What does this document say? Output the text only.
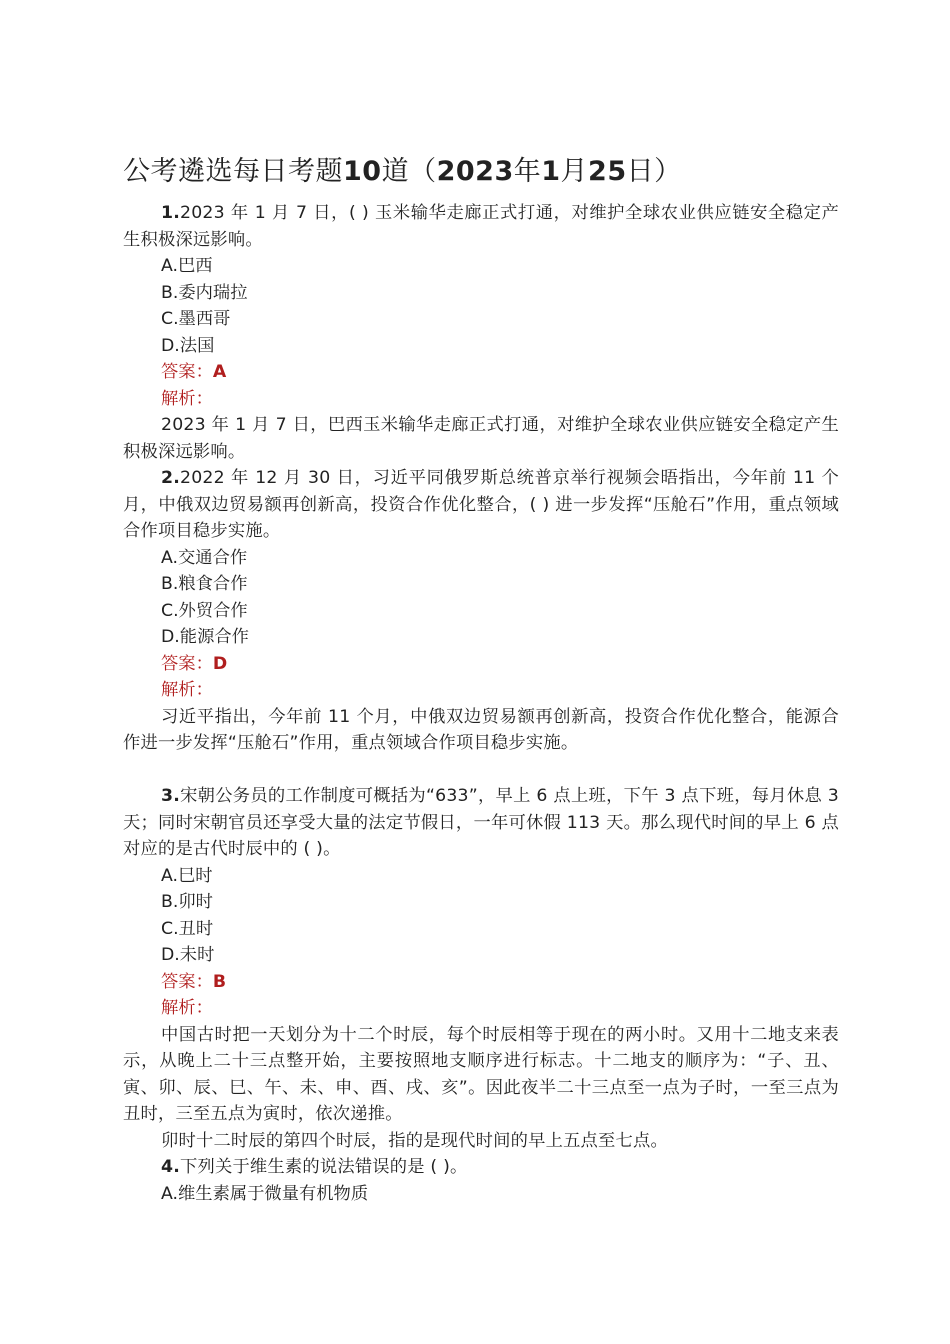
公考遴选每日考题10道（2023年1月25日）

1.2023 年 1 月 7 日，( ) 玉米输华走廊正式打通，对维护全球农业供应链安全稳定产生积极深远影响。

A.巴西

B.委内瑞拉

C.墨西哥

D.法国

答案：A

解析：

2023 年 1 月 7 日，巴西玉米输华走廊正式打通，对维护全球农业供应链安全稳定产生积极深远影响。

2.2022 年 12 月 30 日，习近平同俄罗斯总统普京举行视频会晤指出，今年前 11 个月，中俄双边贸易额再创新高，投资合作优化整合，( ) 进一步发挥“压舱石”作用，重点领域合作项目稳步实施。

A.交通合作

B.粮食合作

C.外贸合作

D.能源合作

答案：D

解析：

习近平指出，今年前 11 个月，中俄双边贸易额再创新高，投资合作优化整合，能源合作进一步发挥“压舱石”作用，重点领域合作项目稳步实施。

3.宋朝公务员的工作制度可概括为“633”，早上 6 点上班，下午 3 点下班，每月休息 3 天；同时宋朝官员还享受大量的法定节假日，一年可休假 113 天。那么现代时间的早上 6 点对应的是古代时辰中的 ( )。

A.巳时

B.卯时

C.丑时

D.未时

答案：B

解析：

中国古时把一天划分为十二个时辰，每个时辰相等于现在的两小时。又用十二地支来表示，从晚上二十三点整开始，主要按照地支顺序进行标志。十二地支的顺序为：“子、丑、寅、卯、辰、巳、午、未、申、酉、戌、亥”。因此夜半二十三点至一点为子时，一至三点为丑时，三至五点为寅时，依次递推。

卯时十二时辰的第四个时辰，指的是现代时间的早上五点至七点。

4.下列关于维生素的说法错误的是 ( )。

A.维生素属于微量有机物质
